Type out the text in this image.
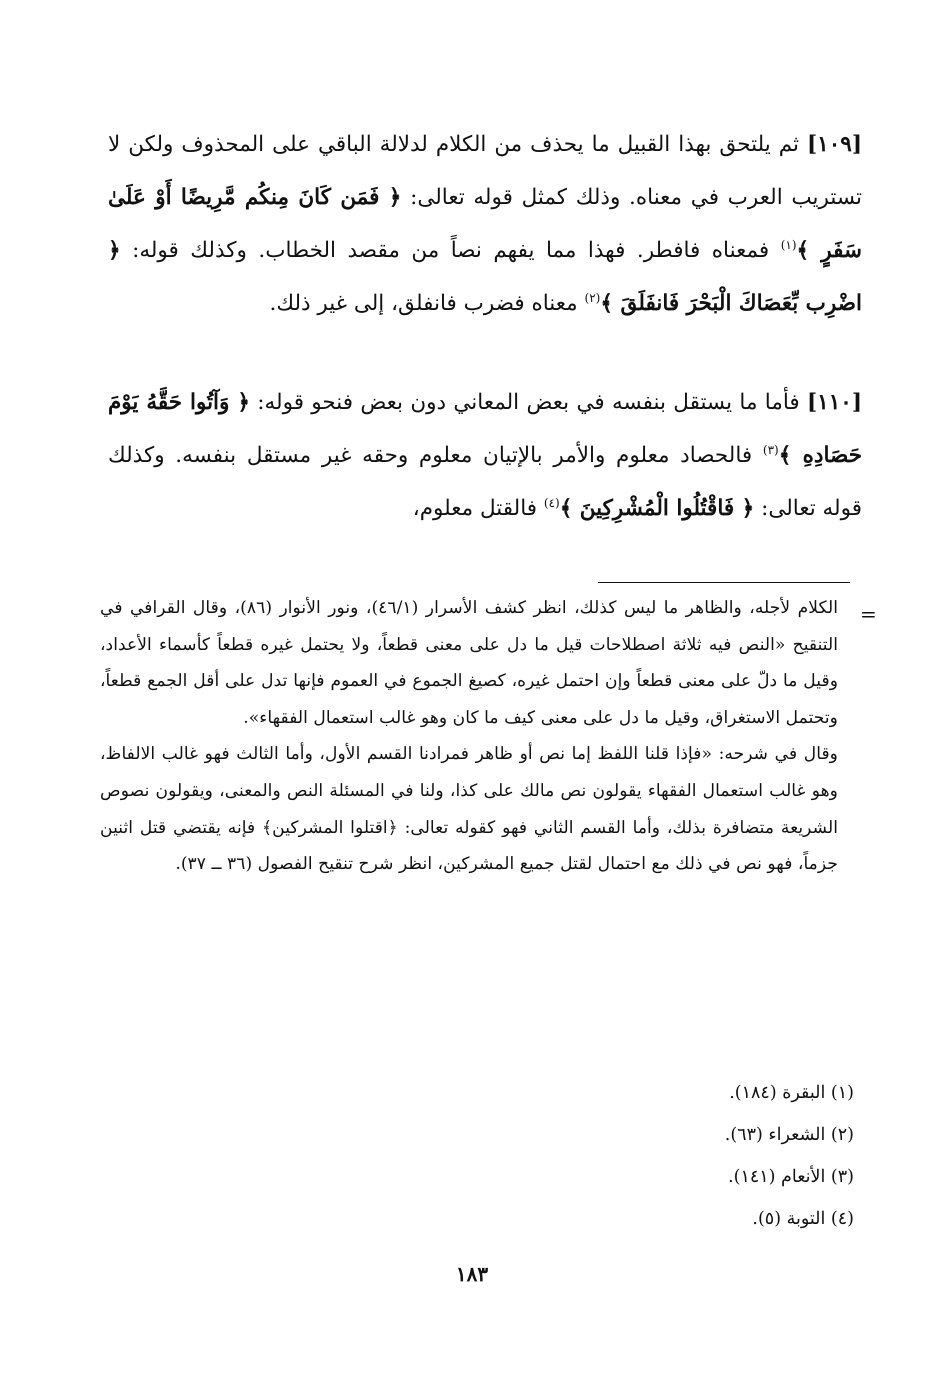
[١٠٩] ثم يلتحق بهذا القبيل ما يحذف من الكلام لدلالة الباقي على المحذوف ولكن لا تستريب العرب في معناه. وذلك كمثل قوله تعالى: ﴿ فَمَن كَانَ مِنكُم مَّرِيضًا أَوْ عَلَىٰ سَفَرٍ ﴾$^{(١)}$ فمعناه فافطر. فهذا مما يفهم نصاً من مقصد الخطاب. وكذلك قوله: ﴿ اضْرِب بِّعَصَاكَ الْبَحْرَ فَانفَلَقَ ﴾$^{(٢)}$ معناه فضرب فانفلق، إلى غير ذلك.

[١١٠] فأما ما يستقل بنفسه في بعض المعاني دون بعض فنحو قوله: ﴿ وَآتُوا حَقَّهُ يَوْمَ حَصَادِهِ ﴾$^{(٣)}$ فالحصاد معلوم والأمر بالإتيان معلوم وحقه غير مستقل بنفسه. وكذلك قوله تعالى: ﴿ فَاقْتُلُوا الْمُشْرِكِينَ ﴾$^{(٤)}$ فالقتل معلوم،

=

الكلام لأجله، والظاهر ما ليس كذلك، انظر كشف الأسرار (٤٦/١)، ونور الأنوار (٨٦)، وقال القرافي في التنقيح «النص فيه ثلاثة اصطلاحات قيل ما دل على معنى قطعاً، ولا يحتمل غيره قطعاً كأسماء الأعداد، وقيل ما دلّ على معنى قطعاً وإن احتمل غيره، كصيغ الجموع في العموم فإنها تدل على أقل الجمع قطعاً، وتحتمل الاستغراق، وقيل ما دل على معنى كيف ما كان وهو غالب استعمال الفقهاء».

وقال في شرحه: «فإذا قلنا اللفظ إما نص أو ظاهر فمرادنا القسم الأول، وأما الثالث فهو غالب الالفاظ، وهو غالب استعمال الفقهاء يقولون نص مالك على كذا، ولنا في المسئلة النص والمعنى، ويقولون نصوص الشريعة متضافرة بذلك، وأما القسم الثاني فهو كقوله تعالى: ﴿اقتلوا المشركين﴾ فإنه يقتضي قتل اثنين جزماً، فهو نص في ذلك مع احتمال لقتل جميع المشركين، انظر شرح تنقيح الفصول (٣٦ ــ ٣٧).

(١) البقرة (١٨٤).
(٢) الشعراء (٦٣).
(٣) الأنعام (١٤١).
(٤) التوبة (٥).
١٨٣
